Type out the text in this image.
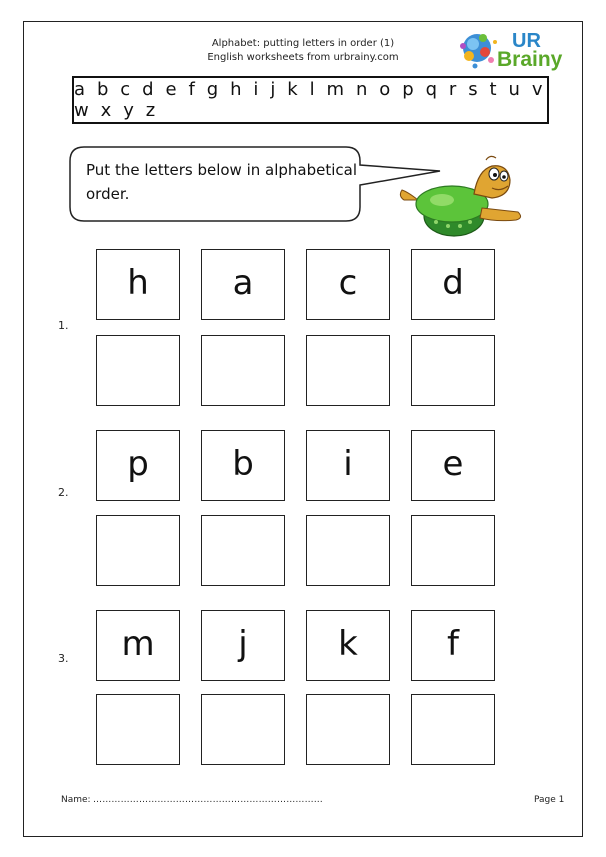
Alphabet: putting letters in order (1)
English worksheets from urbrainy.com
UR
Brainy
a b c d e f g h i j k l m n o p q r s t u v w x y z
Put the letters below in alphabetical order.
h a	c d
1.
p b	i	e
2.
m j	k	f
3.
Name: …………………………………………………………………	Page 1
